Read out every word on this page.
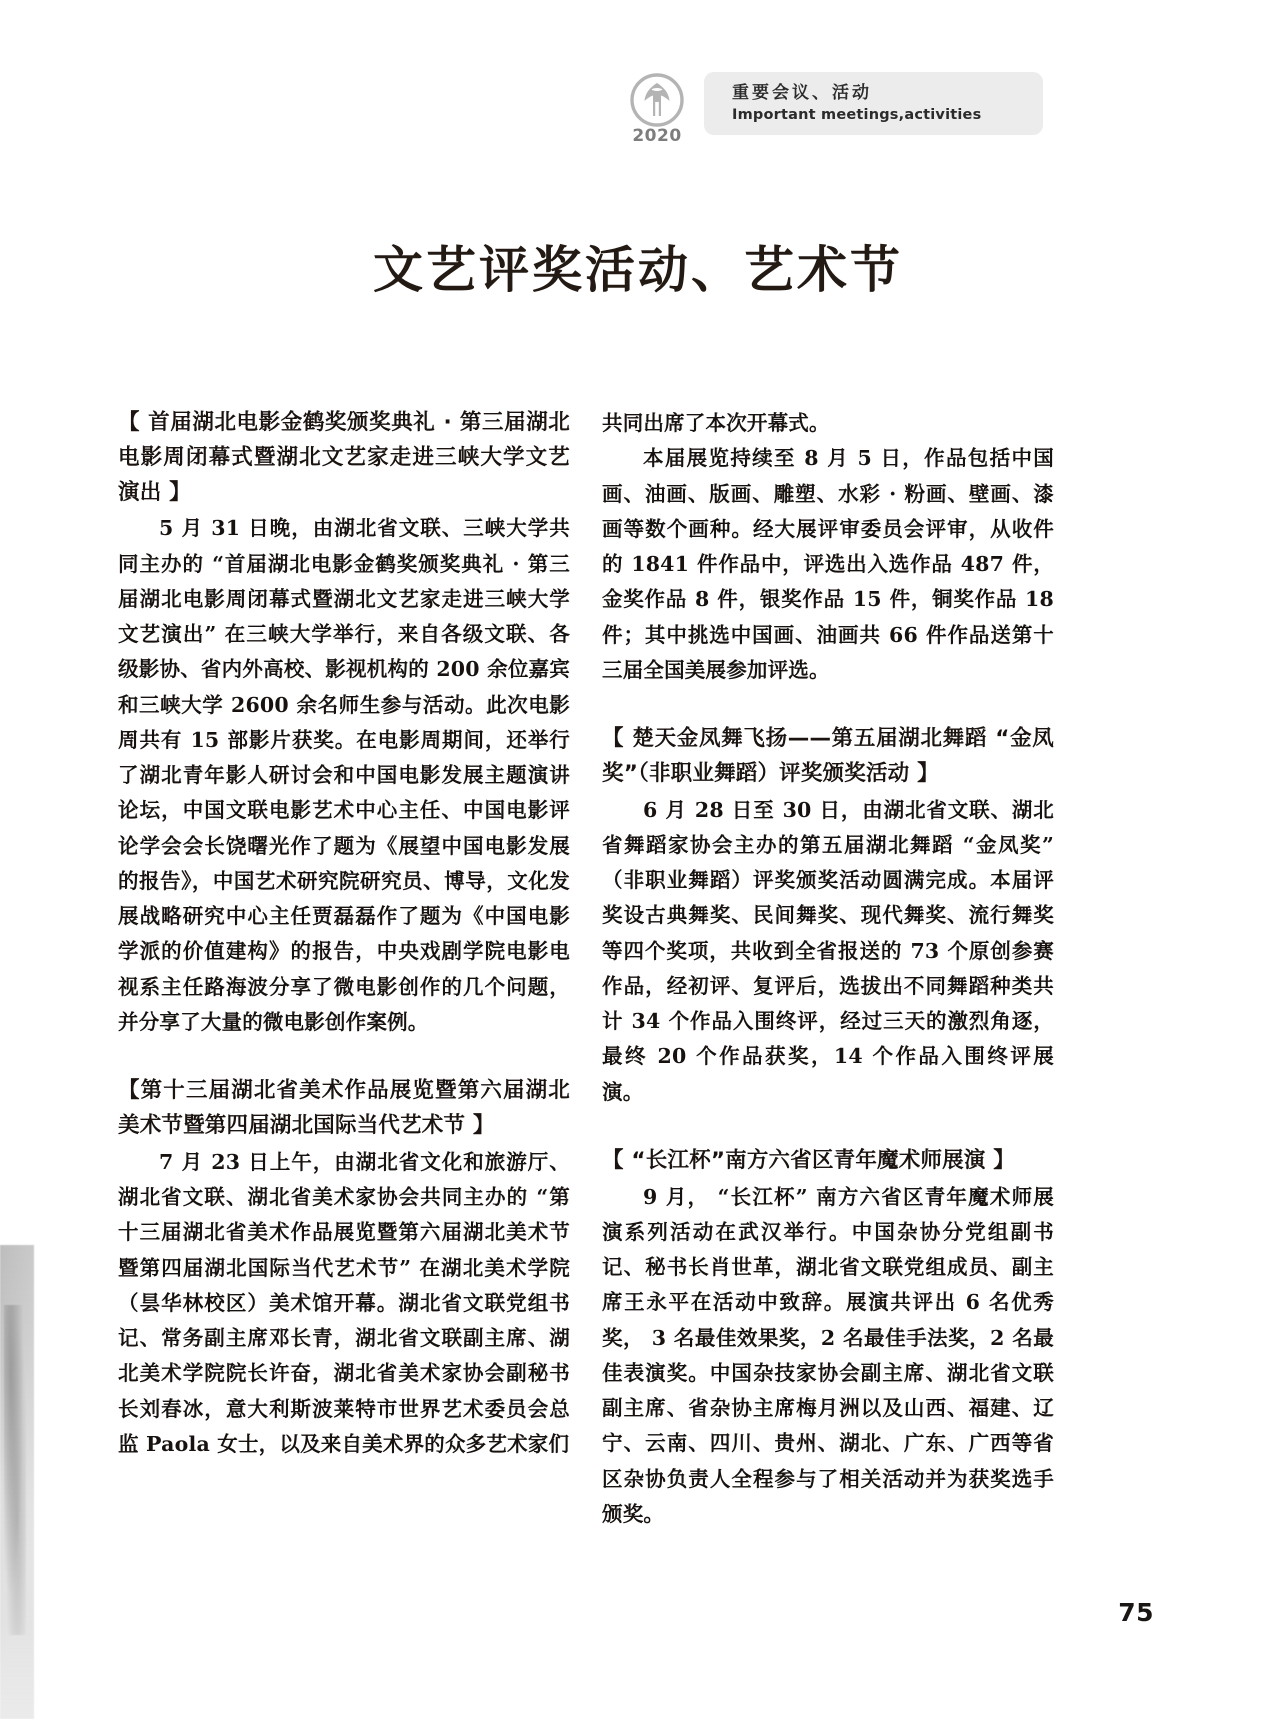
2020
重要会议、活动
Important meetings,activities
文艺评奖活动、艺术节
【 首届湖北电影金鹤奖颁奖典礼 · 第三届湖北电影周闭幕式暨湖北文艺家走进三峡大学文艺演出 】

5 月 31 日晚，由湖北省文联、三峡大学共同主办的 “首届湖北电影金鹤奖颁奖典礼 · 第三届湖北电影周闭幕式暨湖北文艺家走进三峡大学文艺演出” 在三峡大学举行，来自各级文联、各级影协、省内外高校、影视机构的 200 余位嘉宾和三峡大学 2600 余名师生参与活动。此次电影周共有 15 部影片获奖。在电影周期间，还举行了湖北青年影人研讨会和中国电影发展主题演讲论坛，中国文联电影艺术中心主任、中国电影评论学会会长饶曙光作了题为《展望中国电影发展的报告》，中国艺术研究院研究员、博导，文化发展战略研究中心主任贾磊磊作了题为《中国电影学派的价值建构》的报告，中央戏剧学院电影电视系主任路海波分享了微电影创作的几个问题，并分享了大量的微电影创作案例。

【第十三届湖北省美术作品展览暨第六届湖北美术节暨第四届湖北国际当代艺术节 】

7 月 23 日上午，由湖北省文化和旅游厅、湖北省文联、湖北省美术家协会共同主办的 “第十三届湖北省美术作品展览暨第六届湖北美术节暨第四届湖北国际当代艺术节” 在湖北美术学院（昙华林校区）美术馆开幕。湖北省文联党组书记、常务副主席邓长青，湖北省文联副主席、湖北美术学院院长许奋，湖北省美术家协会副秘书长刘春冰，意大利斯波莱特市世界艺术委员会总监 Paola 女士，以及来自美术界的众多艺术家们

共同出席了本次开幕式。

本届展览持续至 8 月 5 日，作品包括中国画、油画、版画、雕塑、水彩 · 粉画、壁画、漆画等数个画种。经大展评审委员会评审，从收件的 1841 件作品中，评选出入选作品 487 件，金奖作品 8 件，银奖作品 15 件，铜奖作品 18 件；其中挑选中国画、油画共 66 件作品送第十三届全国美展参加评选。

【 楚天金凤舞飞扬——第五届湖北舞蹈 “金凤奖”（非职业舞蹈）评奖颁奖活动 】

6 月 28 日至 30 日，由湖北省文联、湖北省舞蹈家协会主办的第五届湖北舞蹈 “金凤奖”（非职业舞蹈）评奖颁奖活动圆满完成。本届评奖设古典舞奖、民间舞奖、现代舞奖、流行舞奖等四个奖项，共收到全省报送的 73 个原创参赛作品，经初评、复评后，选拔出不同舞蹈种类共计 34 个作品入围终评，经过三天的激烈角逐，最终 20 个作品获奖，14 个作品入围终评展演。

【 “长江杯”南方六省区青年魔术师展演 】

9 月， “长江杯” 南方六省区青年魔术师展演系列活动在武汉举行。中国杂协分党组副书记、秘书长肖世革，湖北省文联党组成员、副主席王永平在活动中致辞。展演共评出 6 名优秀奖， 3 名最佳效果奖，2 名最佳手法奖，2 名最佳表演奖。中国杂技家协会副主席、湖北省文联副主席、省杂协主席梅月洲以及山西、福建、辽宁、云南、四川、贵州、湖北、广东、广西等省区杂协负责人全程参与了相关活动并为获奖选手颁奖。

75
